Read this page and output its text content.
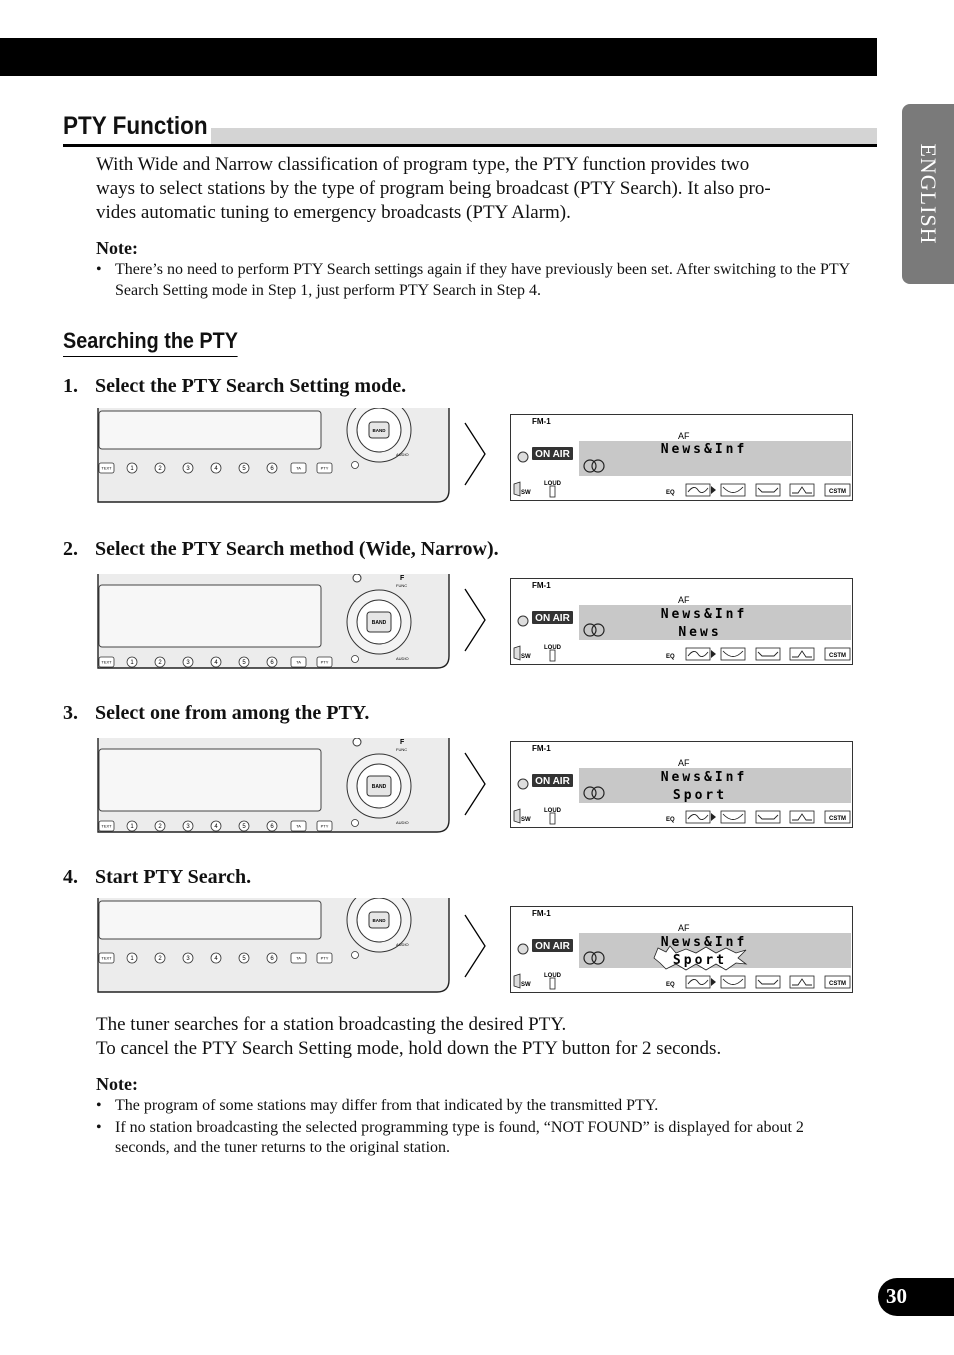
ENGLISH
PTY Function

With Wide and Narrow classification of program type, the PTY function provides two
ways to select stations by the type of program being broadcast (PTY Search). It also pro-
vides automatic tuning to emergency broadcasts (PTY Alarm).

Note:

• There’s no need to perform PTY Search settings again if they have previously been set. After switching to the PTY Search Setting mode in Step 1, just perform PTY Search in Step 4.
Searching the PTY

1. Select the PTY Search Setting mode.

BAND
AUDIO
TEXT	1	2	3	4	5	6	TA	PTY
FM-1
AF
ON AIR	News&Inf
LOUD
SW	EQ	CSTM

2. Select the PTY Search method (Wide, Narrow).

BAND
F
FUNC
AUDIO
TEXT	1	2	3	4	5	6	TA	PTY
FM-1
AF
ON AIR	News&Inf
News
LOUD
SW	EQ	CSTM

3. Select one from among the PTY.

BAND
F
FUNC
AUDIO
TEXT	1	2	3	4	5	6	TA	PTY
FM-1
AF
ON AIR	News&Inf
Sport
LOUD
SW	EQ	CSTM

4. Start PTY Search.

BAND
AUDIO
TEXT	1	2	3	4	5	6	TA	PTY
FM-1
AF
ON AIR	News&Inf
Sport
LOUD
SW	EQ	CSTM

The tuner searches for a station broadcasting the desired PTY.
To cancel the PTY Search Setting mode, hold down the PTY button for 2 seconds.

Note:

• The program of some stations may differ from that indicated by the transmitted PTY.
• If no station broadcasting the selected programming type is found, “NOT FOUND” is displayed for about 2 seconds, and the tuner returns to the original station.
30
